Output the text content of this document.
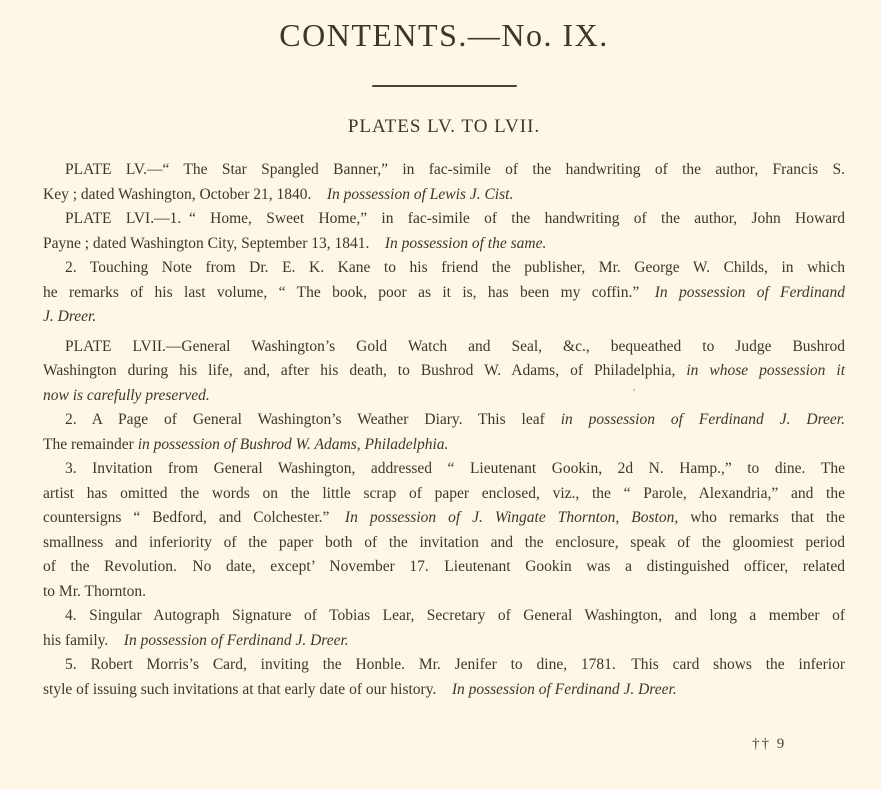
CONTENTS.—No. IX.
PLATES LV. TO LVII.
PLATE LV.—“ The Star Spangled Banner,” in fac-simile of the handwriting of the author, Francis S.
Key ; dated Washington, October 21, 1840.  In possession of Lewis J. Cist.
PLATE LVI.—1. “ Home, Sweet Home,” in fac-simile of the handwriting of the author, John Howard
Payne ; dated Washington City, September 13, 1841.  In possession of the same.
2. Touching Note from Dr. E. K. Kane to his friend the publisher, Mr. George W. Childs, in which
he remarks of his last volume, “ The book, poor as it is, has been my coffin.”  In possession of Ferdinand
J. Dreer.
PLATE LVII.—General Washington’s Gold Watch and Seal, &c., bequeathed to Judge Bushrod
Washington during his life, and, after his death, to Bushrod W. Adams, of Philadelphia, in whose possession it
now is carefully preserved.
2. A Page of General Washington’s Weather Diary.  This leaf in possession of Ferdinand J. Dreer.
The remainder in possession of Bushrod W. Adams, Philadelphia.
3. Invitation from General Washington, addressed “ Lieutenant Gookin, 2d N. Hamp.,” to dine.  The
artist has omitted the words on the little scrap of paper enclosed, viz., the “ Parole, Alexandria,” and the
countersigns “ Bedford, and Colchester.”  In possession of J. Wingate Thornton, Boston, who remarks that the
smallness and inferiority of the paper both of the invitation and the enclosure, speak of the gloomiest period
of the Revolution.  No date, except’ November 17.  Lieutenant Gookin was a distinguished officer, related
to Mr. Thornton.
4. Singular Autograph Signature of Tobias Lear, Secretary of General Washington, and long a member of
his family.  In possession of Ferdinand J. Dreer.
5. Robert Morris’s Card, inviting the Honble. Mr. Jenifer to dine, 1781.  This card shows the inferior
style of issuing such invitations at that early date of our history.  In possession of Ferdinand J. Dreer.
,
†† 9
